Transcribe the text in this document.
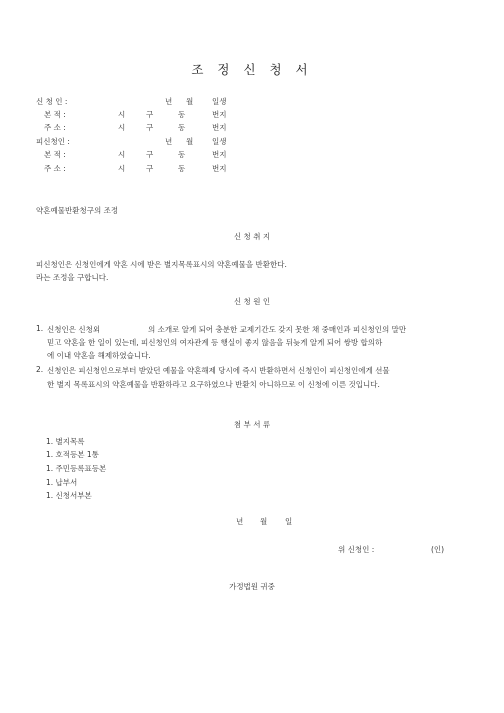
조 정 신 청 서
신 청 인 :	년 월	일생
본 적 :	시	구	동	번지
주 소 :	시	구	동	번지
피신청인 :	년 월	일생
본 적 :	시	구	동	번지
주 소 :	시	구	동	번지
약혼예물반환청구의 조정
신 청 취 지
피신청인은 신청인에게 약혼 시에 받은 별지목록표시의 약혼예물을 반환한다.
라는 조정을 구합니다.
신 청 원 인
1. 신청인은 신청외	의 소개로 알게 되어 충분한 교제기간도 갖지 못한 채 중매인과 피신청인의 말만
믿고 약혼을 한 일이 있는데, 피신청인의 여자관계 등 행실이 좋지 않음을 뒤늦게 알게 되어 쌍방 합의하
에 이내 약혼을 해제하였습니다.
2. 신청인은 피신청인으로부터 받았던 예물을 약혼해제 당시에 즉시 반환하면서 신청인이 피신청인에게 선물
한 별지 목록표시의 약혼예물을 반환하라고 요구하였으나 반환치 아니하므로 이 신청에 이른 것입니다.
첨 부 서 류
1. 별지목록
1. 호적등본 1통
1. 주민등록표등본
1. 납부서
1. 신청서부본
년 월 일
위 신청인 :	(인)
가정법원 귀중
